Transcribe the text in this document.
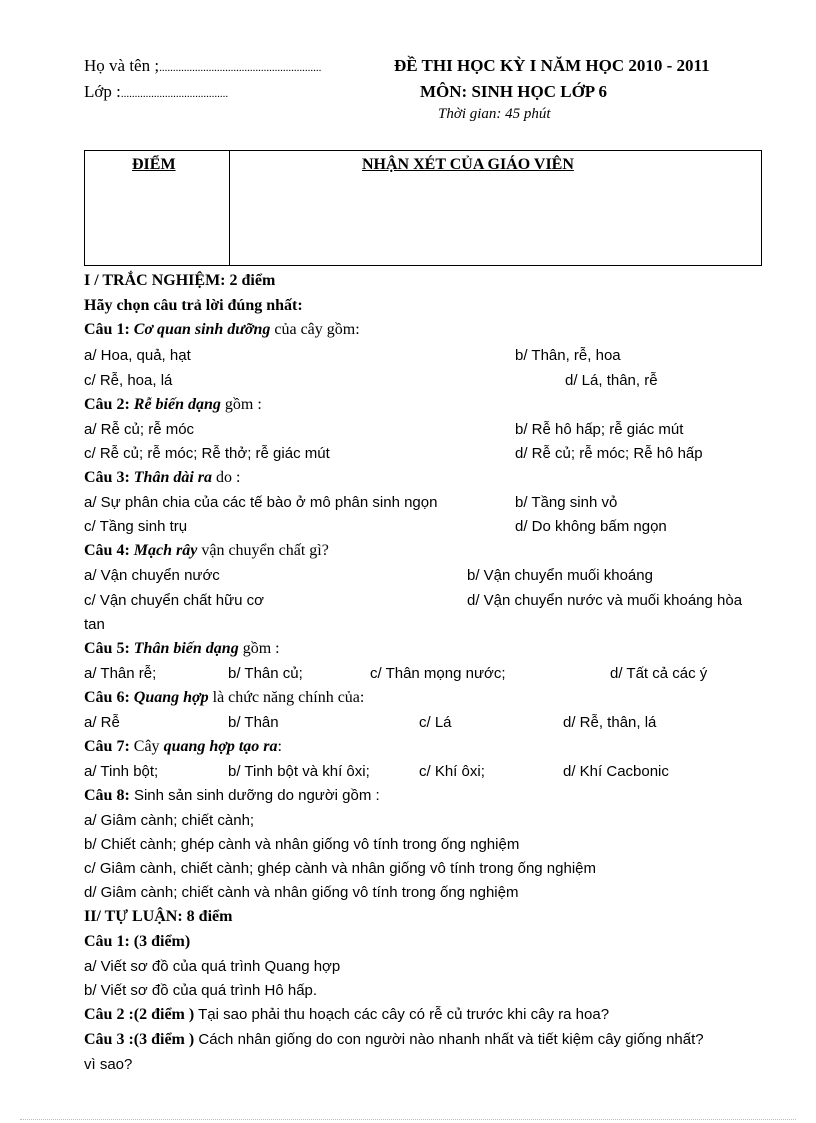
Họ và tên ;...........................................................
Lớp :.......................................
ĐỀ THI HỌC KỲ I NĂM HỌC 2010 - 2011
MÔN: SINH HỌC LỚP 6
Thời gian: 45 phút
ĐIỂM	NHẬN XÉT CỦA GIÁO VIÊN
I / TRẮC NGHIỆM: 2 điểm
Hãy chọn câu trả lời đúng nhất:
Câu 1: Cơ quan sinh dưỡng của cây gồm:
a/ Hoa, quả, hạt	b/ Thân, rễ, hoa
c/ Rễ, hoa, lá	d/ Lá, thân, rễ
Câu 2: Rễ biến dạng gồm :
a/ Rễ củ; rễ móc	b/ Rễ hô hấp; rễ giác mút
c/ Rễ củ; rễ móc; Rễ thở; rễ giác mút	d/ Rễ củ; rễ móc; Rễ hô hấp
Câu 3: Thân dài ra do :
a/ Sự phân chia của các tế bào ở mô phân sinh ngọn	b/ Tầng sinh vỏ
c/ Tầng sinh trụ	d/ Do không bấm ngọn
Câu 4: Mạch rây vận chuyển chất gì?
a/ Vận chuyển nước	b/ Vận chuyển muối khoáng
c/ Vận chuyển chất hữu cơ	d/ Vận chuyển nước và muối khoáng hòa
tan
Câu 5: Thân biến dạng gồm :
a/ Thân rễ;	b/ Thân củ;	c/ Thân mọng nước;	d/ Tất cả các ý
Câu 6: Quang hợp là chức năng chính của:
a/ Rễ	b/ Thân	c/ Lá	d/ Rễ, thân, lá
Câu 7: Cây quang hợp tạo ra:
a/ Tinh bột;	b/ Tinh bột và khí ôxi;	c/ Khí ôxi;	d/ Khí Cacbonic
Câu 8: Sinh sản sinh dưỡng do người gồm :
a/ Giâm cành; chiết cành;
b/ Chiết cành; ghép cành và nhân giống vô tính trong ống nghiệm
c/ Giâm cành, chiết cành; ghép cành và nhân giống vô tính trong ống nghiệm
d/ Giâm cành; chiết cành và nhân giống vô tính trong ống nghiệm
II/ TỰ LUẬN: 8 điểm
Câu 1: (3 điểm)
a/ Viết sơ đồ của quá trình Quang hợp
b/ Viết sơ đồ của quá trình Hô hấp.
Câu 2 :(2 điểm ) Tại sao phải thu hoạch các cây có rễ củ trước khi cây ra hoa?
Câu 3 :(3 điểm ) Cách nhân giống do con người nào nhanh nhất và tiết kiệm cây giống nhất?
vì sao?
